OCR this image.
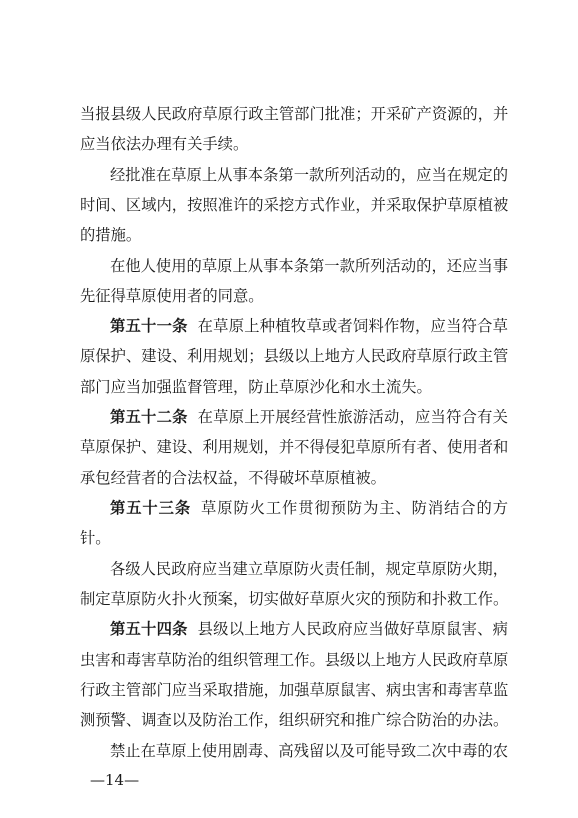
当报县级人民政府草原行政主管部门批准；开采矿产资源的，并
应当依法办理有关手续。
经批准在草原上从事本条第一款所列活动的，应当在规定的
时间、区域内，按照准许的采挖方式作业，并采取保护草原植被
的措施。
在他人使用的草原上从事本条第一款所列活动的，还应当事
先征得草原使用者的同意。
第五十一条 在草原上种植牧草或者饲料作物，应当符合草
原保护、建设、利用规划；县级以上地方人民政府草原行政主管
部门应当加强监督管理，防止草原沙化和水土流失。
第五十二条 在草原上开展经营性旅游活动，应当符合有关
草原保护、建设、利用规划，并不得侵犯草原所有者、使用者和
承包经营者的合法权益，不得破坏草原植被。
第五十三条 草原防火工作贯彻预防为主、防消结合的方
针。
各级人民政府应当建立草原防火责任制，规定草原防火期，
制定草原防火扑火预案，切实做好草原火灾的预防和扑救工作。
第五十四条 县级以上地方人民政府应当做好草原鼠害、病
虫害和毒害草防治的组织管理工作。县级以上地方人民政府草原
行政主管部门应当采取措施，加强草原鼠害、病虫害和毒害草监
测预警、调查以及防治工作，组织研究和推广综合防治的办法。
禁止在草原上使用剧毒、高残留以及可能导致二次中毒的农
—14—
